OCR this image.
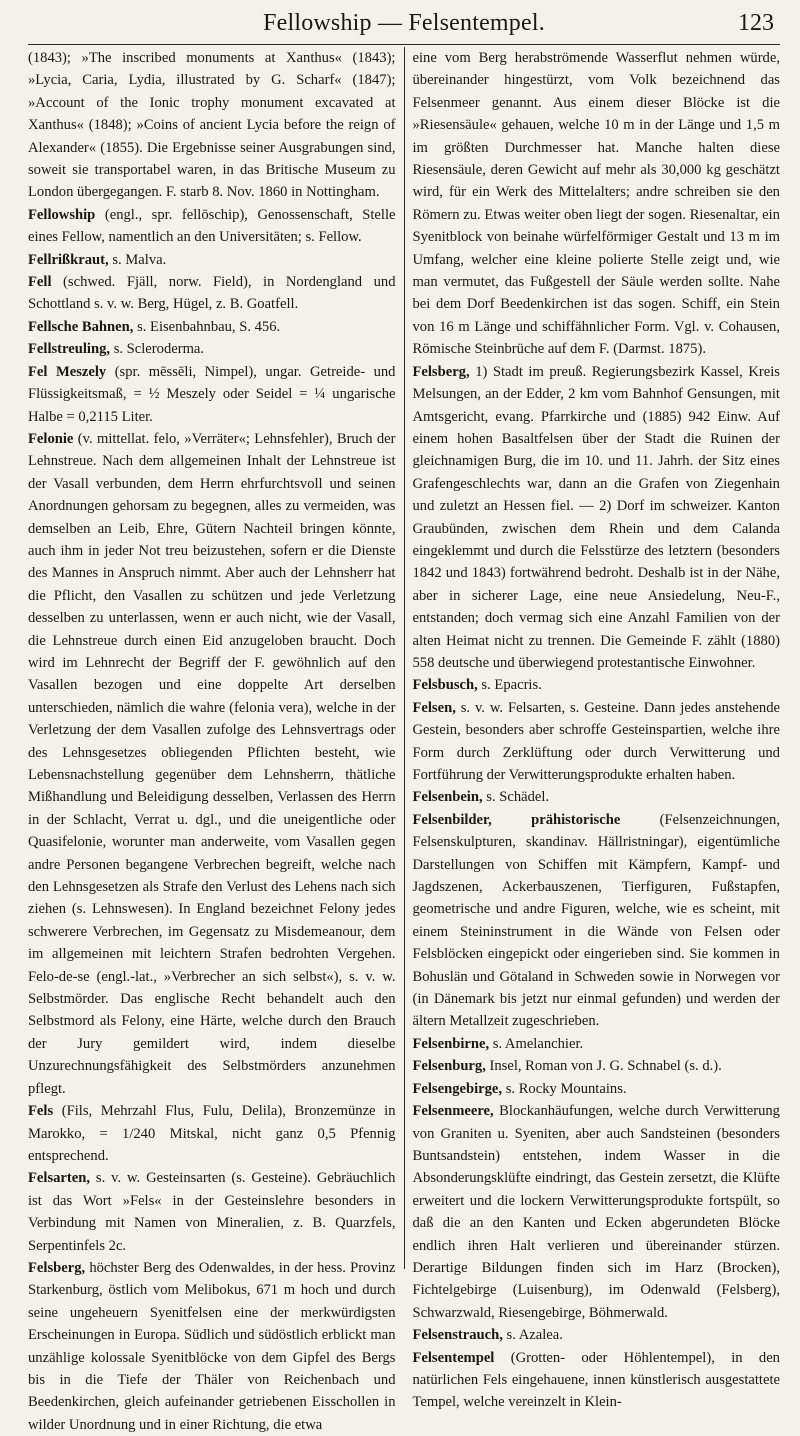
Fellowship — Felsentempel.	123

(1843); »The inscribed monuments at Xanthus« (1843); »Lycia, Caria, Lydia, illustrated by G. Scharf« (1847); »Account of the Ionic trophy monument excavated at Xanthus« (1848); »Coins of ancient Lycia before the reign of Alexander« (1855). Die Ergebnisse seiner Ausgrabungen sind, soweit sie transportabel waren, in das Britische Museum zu London übergegangen. F. starb 8. Nov. 1860 in Nottingham.

Fellowship (engl., spr. fellōschip), Genossenschaft, Stelle eines Fellow, namentlich an den Universitäten; s. Fellow.

Fellrißkraut, s. Malva.

Fell (schwed. Fjäll, norw. Field), in Nordengland und Schottland s. v. w. Berg, Hügel, z. B. Goatfell.

Fellsche Bahnen, s. Eisenbahnbau, S. 456.

Fellstreuling, s. Scleroderma.

Fel Meszely (spr. mēssēli, Nimpel), ungar. Getreide- und Flüssigkeitsmaß, = ½ Meszely oder Seidel = ¼ ungarische Halbe = 0,2115 Liter.

Felonie (v. mittellat. felo, »Verräter«; Lehnsfehler), Bruch der Lehnstreue. Nach dem allgemeinen Inhalt der Lehnstreue ist der Vasall verbunden, dem Herrn ehrfurchtsvoll und seinen Anordnungen gehorsam zu begegnen, alles zu vermeiden, was demselben an Leib, Ehre, Gütern Nachteil bringen könnte, auch ihm in jeder Not treu beizustehen, sofern er die Dienste des Mannes in Anspruch nimmt. Aber auch der Lehnsherr hat die Pflicht, den Vasallen zu schützen und jede Verletzung desselben zu unterlassen, wenn er auch nicht, wie der Vasall, die Lehnstreue durch einen Eid anzugeloben braucht. Doch wird im Lehnrecht der Begriff der F. gewöhnlich auf den Vasallen bezogen und eine doppelte Art derselben unterschieden, nämlich die wahre (felonia vera), welche in der Verletzung der dem Vasallen zufolge des Lehnsvertrags oder des Lehnsgesetzes obliegenden Pflichten besteht, wie Lebensnachstellung gegenüber dem Lehnsherrn, thätliche Mißhandlung und Beleidigung desselben, Verlassen des Herrn in der Schlacht, Verrat u. dgl., und die uneigentliche oder Quasifelonie, worunter man anderweite, vom Vasallen gegen andre Personen begangene Verbrechen begreift, welche nach den Lehnsgesetzen als Strafe den Verlust des Lehens nach sich ziehen (s. Lehnswesen). In England bezeichnet Felony jedes schwerere Verbrechen, im Gegensatz zu Misdemeanour, dem im allgemeinen mit leichtern Strafen bedrohten Vergehen. Felo-de-se (engl.-lat., »Verbrecher an sich selbst«), s. v. w. Selbstmörder. Das englische Recht behandelt auch den Selbstmord als Felony, eine Härte, welche durch den Brauch der Jury gemildert wird, indem dieselbe Unzurechnungsfähigkeit des Selbstmörders anzunehmen pflegt.

Fels (Fils, Mehrzahl Flus, Fulu, Delila), Bronzemünze in Marokko, = 1/240 Mitskal, nicht ganz 0,5 Pfennig entsprechend.

Felsarten, s. v. w. Gesteinsarten (s. Gesteine). Gebräuchlich ist das Wort »Fels« in der Gesteinslehre besonders in Verbindung mit Namen von Mineralien, z. B. Quarzfels, Serpentinfels 2c.

Felsberg, höchster Berg des Odenwaldes, in der hess. Provinz Starkenburg, östlich vom Melibokus, 671 m hoch und durch seine ungeheuern Syenitfelsen eine der merkwürdigsten Erscheinungen in Europa. Südlich und südöstlich erblickt man unzählige kolossale Syenitblöcke von dem Gipfel des Bergs bis in die Tiefe der Thäler von Reichenbach und Beedenkirchen, gleich aufeinander getriebenen Eisschollen in wilder Unordnung und in einer Richtung, die etwa

eine vom Berg herabströmende Wasserflut nehmen würde, übereinander hingestürzt, vom Volk bezeichnend das Felsenmeer genannt. Aus einem dieser Blöcke ist die »Riesensäule« gehauen, welche 10 m in der Länge und 1,5 m im größten Durchmesser hat. Manche halten diese Riesensäule, deren Gewicht auf mehr als 30,000 kg geschätzt wird, für ein Werk des Mittelalters; andre schreiben sie den Römern zu. Etwas weiter oben liegt der sogen. Riesenaltar, ein Syenitblock von beinahe würfelförmiger Gestalt und 13 m im Umfang, welcher eine kleine polierte Stelle zeigt und, wie man vermutet, das Fußgestell der Säule werden sollte. Nahe bei dem Dorf Beedenkirchen ist das sogen. Schiff, ein Stein von 16 m Länge und schiffähnlicher Form. Vgl. v. Cohausen, Römische Steinbrüche auf dem F. (Darmst. 1875).

Felsberg, 1) Stadt im preuß. Regierungsbezirk Kassel, Kreis Melsungen, an der Edder, 2 km vom Bahnhof Gensungen, mit Amtsgericht, evang. Pfarrkirche und (1885) 942 Einw. Auf einem hohen Basaltfelsen über der Stadt die Ruinen der gleichnamigen Burg, die im 10. und 11. Jahrh. der Sitz eines Grafengeschlechts war, dann an die Grafen von Ziegenhain und zuletzt an Hessen fiel. — 2) Dorf im schweizer. Kanton Graubünden, zwischen dem Rhein und dem Calanda eingeklemmt und durch die Felsstürze des letztern (besonders 1842 und 1843) fortwährend bedroht. Deshalb ist in der Nähe, aber in sicherer Lage, eine neue Ansiedelung, Neu-F., entstanden; doch vermag sich eine Anzahl Familien von der alten Heimat nicht zu trennen. Die Gemeinde F. zählt (1880) 558 deutsche und überwiegend protestantische Einwohner.

Felsbusch, s. Epacris.

Felsen, s. v. w. Felsarten, s. Gesteine. Dann jedes anstehende Gestein, besonders aber schroffe Gesteinspartien, welche ihre Form durch Zerklüftung oder durch Verwitterung und Fortführung der Verwitterungsprodukte erhalten haben.

Felsenbein, s. Schädel.

Felsenbilder, prähistorische	(Felsenzeichnungen, Felsenskulpturen, skandinav. Hällristningar), eigentümliche Darstellungen von Schiffen mit Kämpfern, Kampf- und Jagdszenen, Ackerbauszenen, Tierfiguren, Fußstapfen, geometrische und andre Figuren, welche, wie es scheint, mit einem Steininstrument in die Wände von Felsen oder Felsblöcken eingepickt oder eingerieben sind. Sie kommen in Bohuslän und Götaland in Schweden sowie in Norwegen vor (in Dänemark bis jetzt nur einmal gefunden) und werden der ältern Metallzeit zugeschrieben.

Felsenbirne, s. Amelanchier.

Felsenburg, Insel, Roman von J. G. Schnabel (s. d.).

Felsengebirge, s. Rocky Mountains.

Felsenmeere, Blockanhäufungen, welche durch Verwitterung von Graniten u. Syeniten, aber auch Sandsteinen (besonders Buntsandstein) entstehen, indem Wasser in die Absonderungsklüfte eindringt, das Gestein zersetzt, die Klüfte erweitert und die lockern Verwitterungsprodukte fortspült, so daß die an den Kanten und Ecken abgerundeten Blöcke endlich ihren Halt verlieren und übereinander stürzen. Derartige Bildungen finden sich im Harz (Brocken), Fichtelgebirge (Luisenburg), im Odenwald (Felsberg), Schwarzwald, Riesengebirge, Böhmerwald.

Felsenstrauch, s. Azalea.

Felsentempel (Grotten- oder Höhlentempel), in den natürlichen Fels eingehauene, innen künstlerisch ausgestattete Tempel, welche vereinzelt in Klein-
